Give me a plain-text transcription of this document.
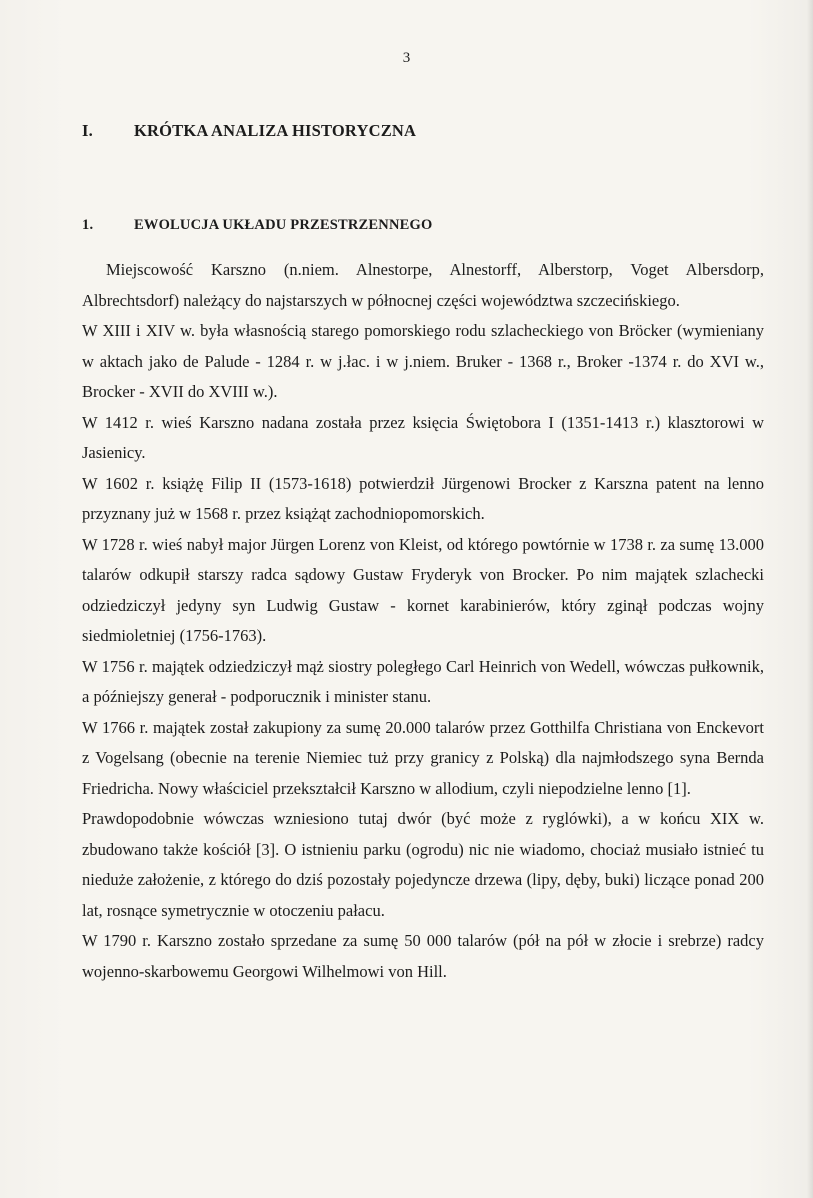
3
I. KRÓTKA ANALIZA HISTORYCZNA
1.	EWOLUCJA UKŁADU PRZESTRZENNEGO

Miejscowość Karszno (n.niem. Alnestorpe, Alnestorff, Alberstorp, Voget Albersdorp, Albrechtsdorf) należący do najstarszych w północnej części województwa szczecińskiego.

W XIII i XIV w. była własnością starego pomorskiego rodu szlacheckiego von Bröcker (wymieniany w aktach jako de Palude - 1284 r. w j.łac. i w j.niem. Bruker - 1368 r., Broker -1374 r. do XVI w., Brocker - XVII do XVIII w.).

W 1412 r. wieś Karszno nadana została przez księcia Świętobora I (1351-1413 r.) klasztorowi w Jasienicy.

W 1602 r. książę Filip II (1573-1618) potwierdził Jürgenowi Brocker z Karszna patent na lenno przyznany już w 1568 r. przez książąt zachodniopomorskich.

W 1728 r. wieś nabył major Jürgen Lorenz von Kleist, od którego powtórnie w 1738 r. za sumę 13.000 talarów odkupił starszy radca sądowy Gustaw Fryderyk von Brocker. Po nim majątek szlachecki odziedziczył jedyny syn Ludwig Gustaw - kornet karabinierów, który zginął podczas wojny siedmioletniej (1756-1763).

W 1756 r. majątek odziedziczył mąż siostry poległego Carl Heinrich von Wedell, wówczas pułkownik, a późniejszy generał - podporucznik i minister stanu.

W 1766 r. majątek został zakupiony za sumę 20.000 talarów przez Gotthilfa Christiana von Enckevort z Vogelsang (obecnie na terenie Niemiec tuż przy granicy z Polską) dla najmłodszego syna Bernda Friedricha. Nowy właściciel przekształcił Karszno w allodium, czyli niepodzielne lenno [1].

Prawdopodobnie wówczas wzniesiono tutaj dwór (być może z ryglówki), a w końcu XIX w. zbudowano także kościół [3]. O istnieniu parku (ogrodu) nic nie wiadomo, chociaż musiało istnieć tu nieduże założenie, z którego do dziś pozostały pojedyncze drzewa (lipy, dęby, buki) liczące ponad 200 lat, rosnące symetrycznie w otoczeniu pałacu.

W 1790 r. Karszno zostało sprzedane za sumę 50 000 talarów (pół na pół w złocie i srebrze) radcy wojenno-skarbowemu Georgowi Wilhelmowi von Hill.
